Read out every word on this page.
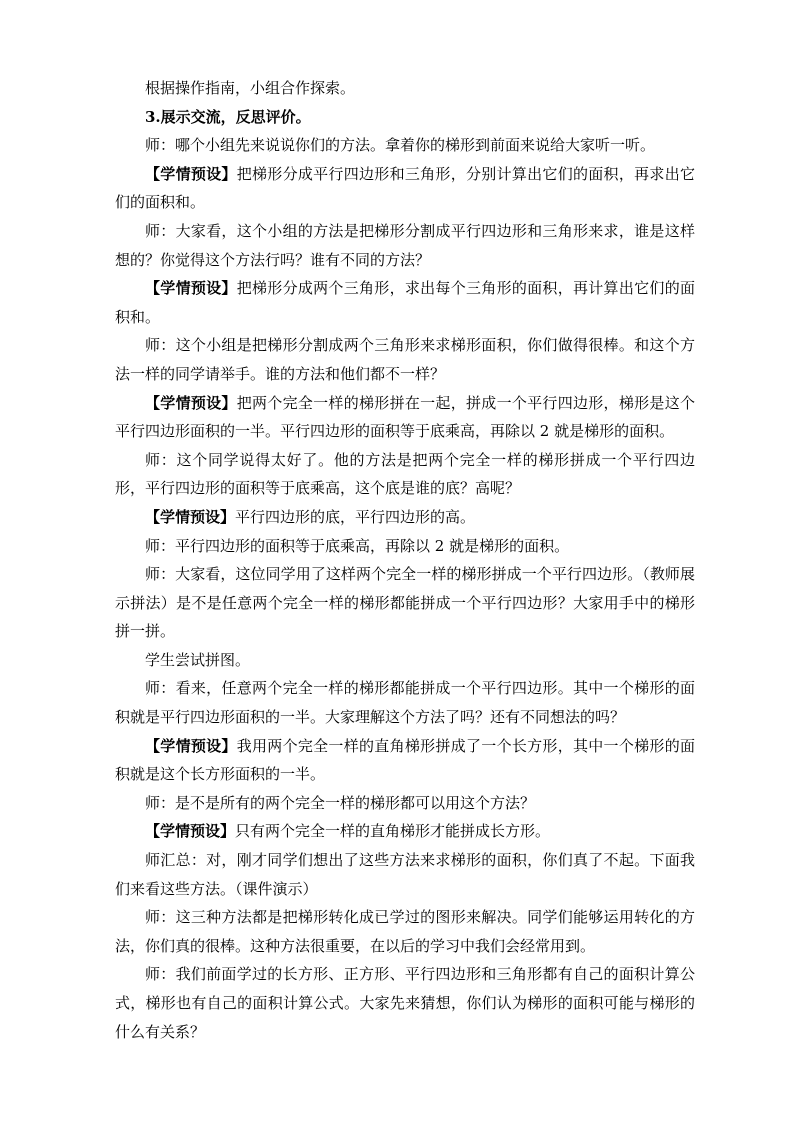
根据操作指南，小组合作探索。

3.展示交流，反思评价。

师：哪个小组先来说说你们的方法。拿着你的梯形到前面来说给大家听一听。

【学情预设】把梯形分成平行四边形和三角形，分别计算出它们的面积，再求出它们的面积和。

师：大家看，这个小组的方法是把梯形分割成平行四边形和三角形来求，谁是这样想的？你觉得这个方法行吗？谁有不同的方法？

【学情预设】把梯形分成两个三角形，求出每个三角形的面积，再计算出它们的面积和。

师：这个小组是把梯形分割成两个三角形来求梯形面积，你们做得很棒。和这个方法一样的同学请举手。谁的方法和他们都不一样？

【学情预设】把两个完全一样的梯形拼在一起，拼成一个平行四边形，梯形是这个平行四边形面积的一半。平行四边形的面积等于底乘高，再除以 2 就是梯形的面积。

师：这个同学说得太好了。他的方法是把两个完全一样的梯形拼成一个平行四边形，平行四边形的面积等于底乘高，这个底是谁的底？高呢？

【学情预设】平行四边形的底，平行四边形的高。

师：平行四边形的面积等于底乘高，再除以 2 就是梯形的面积。

师：大家看，这位同学用了这样两个完全一样的梯形拼成一个平行四边形。（教师展示拼法）是不是任意两个完全一样的梯形都能拼成一个平行四边形？大家用手中的梯形拼一拼。

学生尝试拼图。

师：看来，任意两个完全一样的梯形都能拼成一个平行四边形。其中一个梯形的面积就是平行四边形面积的一半。大家理解这个方法了吗？还有不同想法的吗？

【学情预设】我用两个完全一样的直角梯形拼成了一个长方形，其中一个梯形的面积就是这个长方形面积的一半。

师：是不是所有的两个完全一样的梯形都可以用这个方法？

【学情预设】只有两个完全一样的直角梯形才能拼成长方形。

师汇总：对，刚才同学们想出了这些方法来求梯形的面积，你们真了不起。下面我们来看这些方法。（课件演示）

师：这三种方法都是把梯形转化成已学过的图形来解决。同学们能够运用转化的方法，你们真的很棒。这种方法很重要，在以后的学习中我们会经常用到。

师：我们前面学过的长方形、正方形、平行四边形和三角形都有自己的面积计算公式，梯形也有自己的面积计算公式。大家先来猜想，你们认为梯形的面积可能与梯形的什么有关系？
